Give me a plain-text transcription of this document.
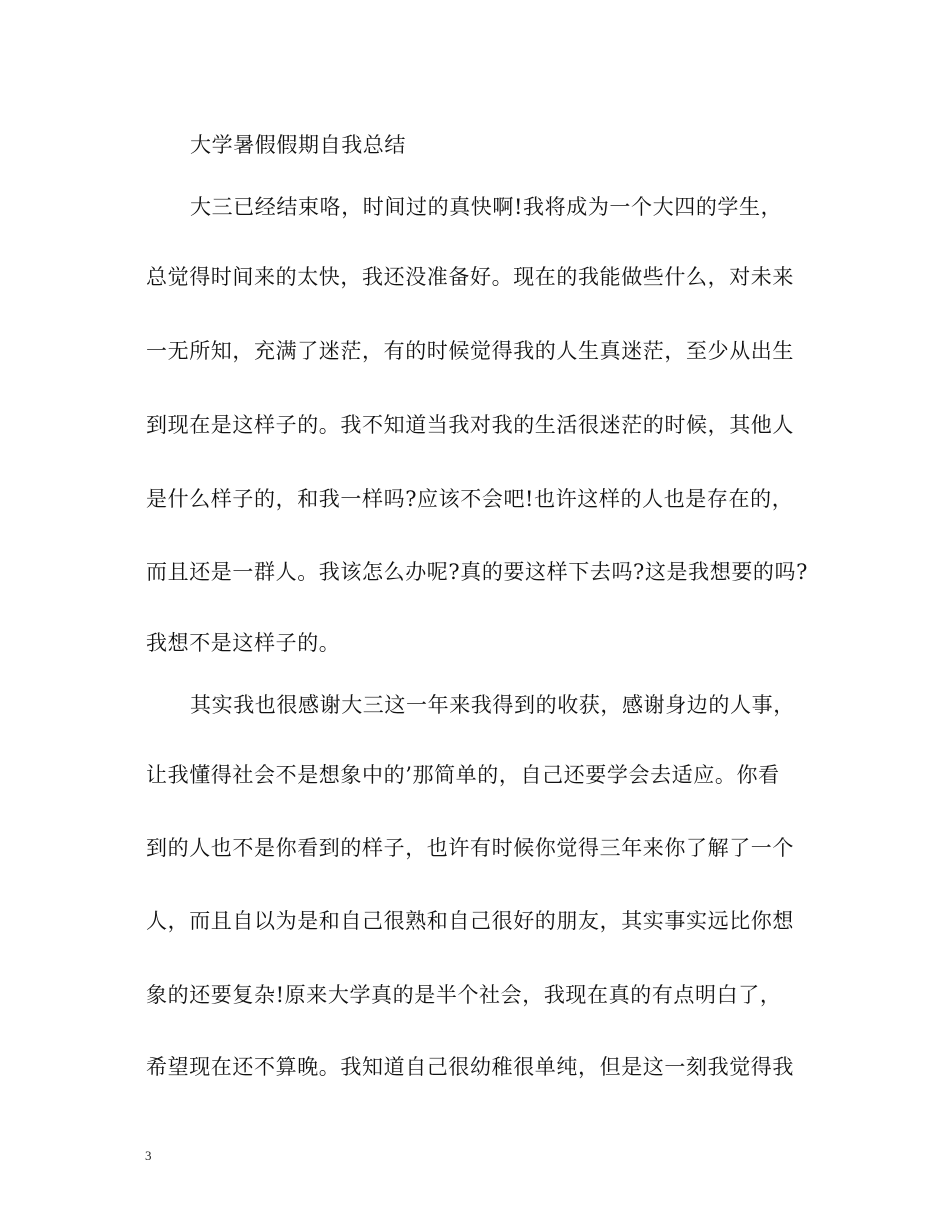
大学暑假假期自我总结
大三已经结束咯，时间过的真快啊!我将成为一个大四的学生，
总觉得时间来的太快，我还没准备好。现在的我能做些什么，对未来
一无所知，充满了迷茫，有的时候觉得我的人生真迷茫，至少从出生
到现在是这样子的。我不知道当我对我的生活很迷茫的时候，其他人
是什么样子的，和我一样吗?应该不会吧!也许这样的人也是存在的，
而且还是一群人。我该怎么办呢?真的要这样下去吗?这是我想要的吗?
我想不是这样子的。
其实我也很感谢大三这一年来我得到的收获，感谢身边的人事，
让我懂得社会不是想象中的’那简单的，自己还要学会去适应。你看
到的人也不是你看到的样子，也许有时候你觉得三年来你了解了一个
人，而且自以为是和自己很熟和自己很好的朋友，其实事实远比你想
象的还要复杂!原来大学真的是半个社会，我现在真的有点明白了，
希望现在还不算晚。我知道自己很幼稚很单纯，但是这一刻我觉得我
3
